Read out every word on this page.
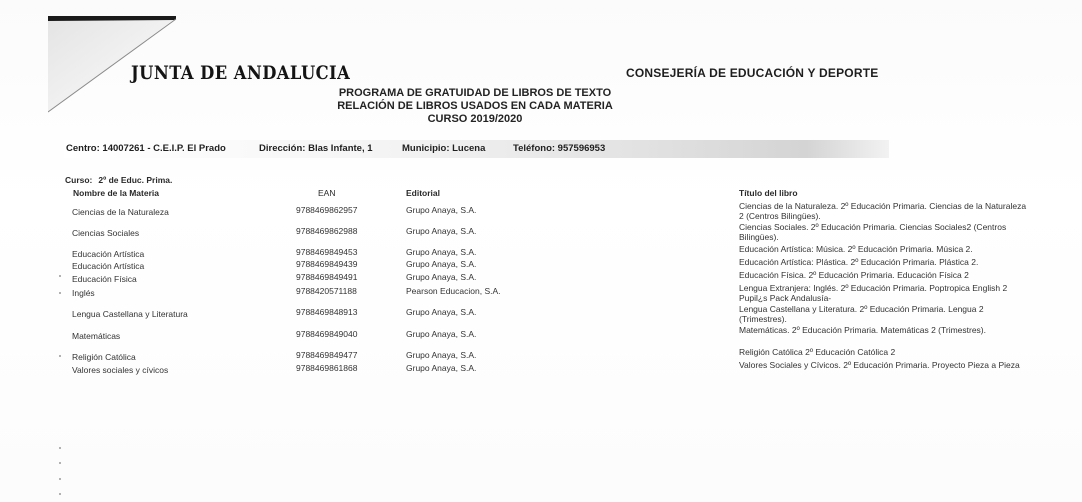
JUNTA DE ANDALUCIA	CONSEJERÍA DE EDUCACIÓN Y DEPORTE
PROGRAMA DE GRATUIDAD DE LIBROS DE TEXTO
RELACIÓN DE LIBROS USADOS EN CADA MATERIA
CURSO 2019/2020
Centro: 14007261 - C.E.I.P. El Prado	Dirección: Blas Infante, 1	Municipio: Lucena	Teléfono: 957596953
Curso: 2º de Educ. Prima.
Nombre de la Materia	EAN	Editorial	Título del libro
Ciencias de la Naturaleza	9788469862957	Grupo Anaya, S.A.	Ciencias de la Naturaleza. 2º Educación Primaria. Ciencias de la Naturaleza 2 (Centros Bilingües).
Ciencias Sociales	9788469862988	Grupo Anaya, S.A.	Ciencias Sociales. 2º Educación Primaria. Ciencias Sociales2 (Centros Bilingües).
Educación Artística	9788469849453	Grupo Anaya, S.A.	Educación Artística: Música. 2º Educación Primaria. Música 2.
Educación Artística	9788469849439	Grupo Anaya, S.A.	Educación Artística: Plástica. 2º Educación Primaria. Plástica 2.
Educación Física	9788469849491	Grupo Anaya, S.A.	Educación Física. 2º Educación Primaria. Educación Física 2
Inglés	9788420571188	Pearson Educacion, S.A.	Lengua Extranjera: Inglés. 2º Educación Primaria. Poptropica English 2 Pupil¿s Pack Andalusía-
Lengua Castellana y Literatura	9788469848913	Grupo Anaya, S.A.	Lengua Castellana y Literatura. 2º Educación Primaria. Lengua 2 (Trimestres).
Matemáticas	9788469849040	Grupo Anaya, S.A.	Matemáticas. 2º Educación Primaria. Matemáticas 2 (Trimestres).
Religión Católica	9788469849477	Grupo Anaya, S.A.	Religión Católica 2º Educación Católica 2
Valores sociales y cívicos	9788469861868	Grupo Anaya, S.A.	Valores Sociales y Cívicos. 2º Educación Primaria. Proyecto Pieza a Pieza
